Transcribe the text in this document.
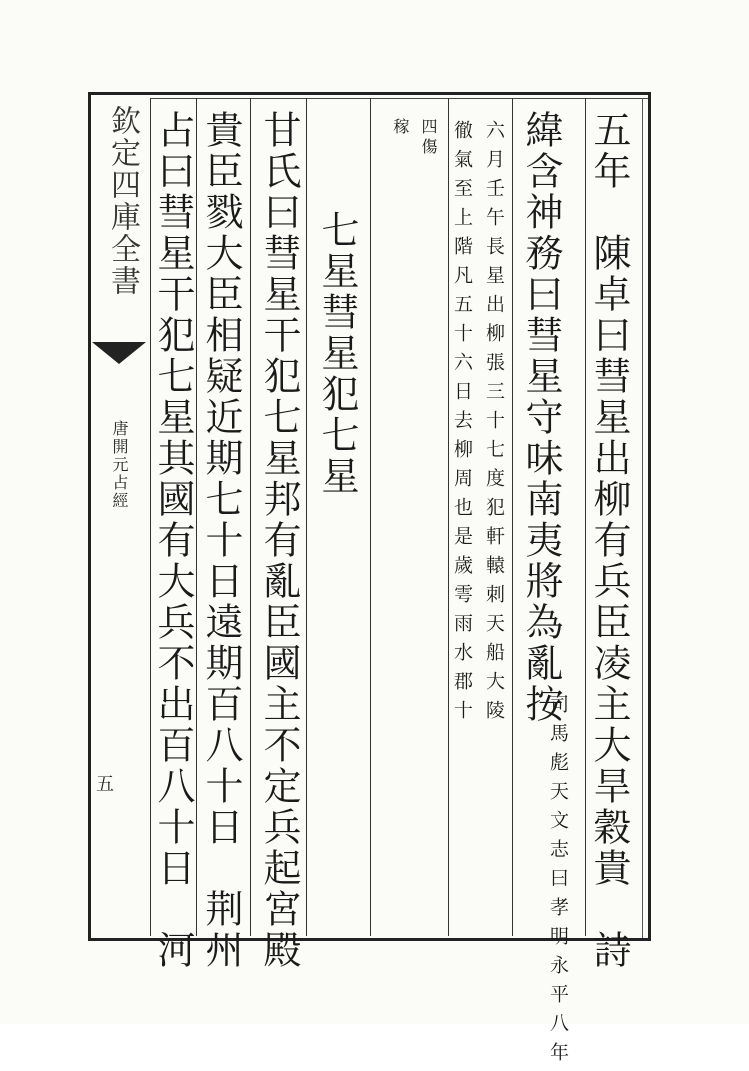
欽定四庫全書
唐開元占經
五	五年　陳卓曰彗星出柳有兵臣凌主大旱穀貴　詩
緯含神務曰彗星守味南夷將為亂按
司馬彪天文志曰孝明永平八年
六月壬午長星出柳張三十七度犯軒轅刺天船大陵
徹氣至上階凡五十六日去柳周也是歲雩雨水郡十
四傷
稼
七星彗星犯七星
甘氏曰彗星干犯七星邦有亂臣國主不定兵起宮殿
貴臣戮大臣相疑近期七十日遠期百八十日　荆州
占曰彗星干犯七星其國有大兵不出百八十日　河
